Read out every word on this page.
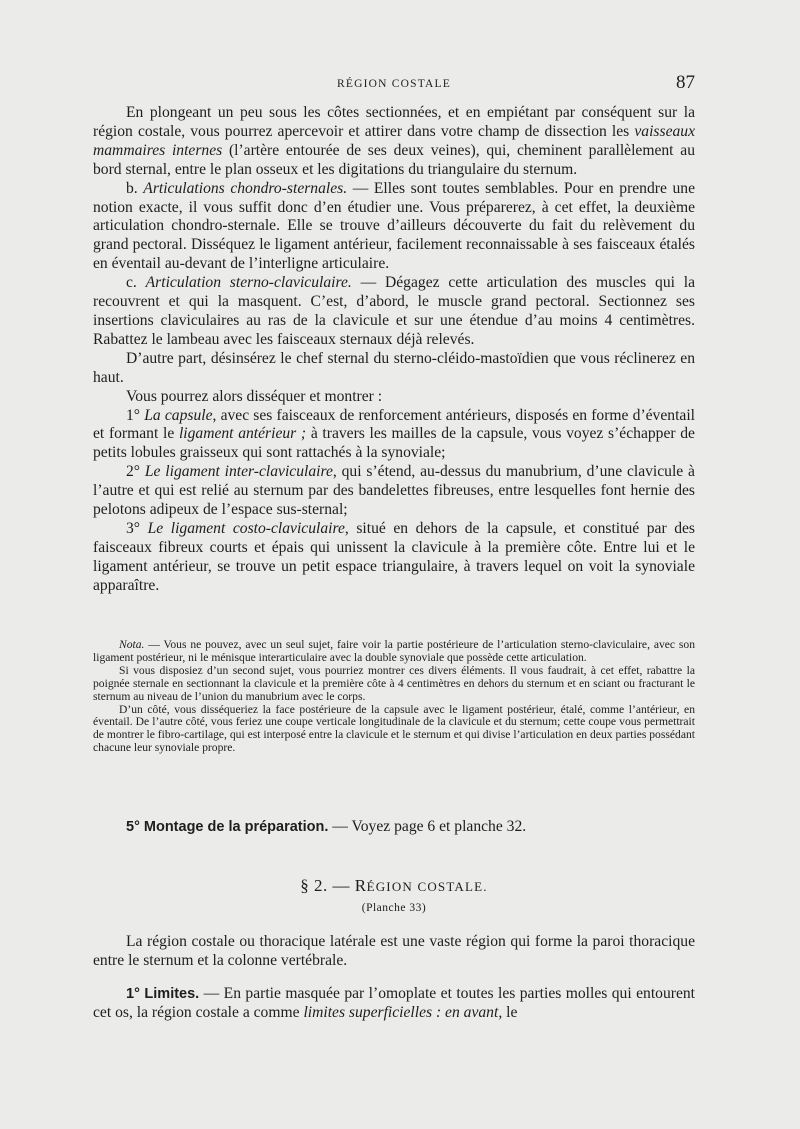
RÉGION COSTALE	87

En plongeant un peu sous les côtes sectionnées, et en empiétant par conséquent sur la région costale, vous pourrez apercevoir et attirer dans votre champ de dissection les vaisseaux mammaires internes (l’artère entourée de ses deux veines), qui, cheminent parallèlement au bord sternal, entre le plan osseux et les digitations du triangulaire du sternum.

b. Articulations chondro-sternales. — Elles sont toutes semblables. Pour en prendre une notion exacte, il vous suffit donc d’en étudier une. Vous préparerez, à cet effet, la deuxième articulation chondro-sternale. Elle se trouve d’ailleurs découverte du fait du relèvement du grand pectoral. Disséquez le ligament antérieur, facilement reconnaissable à ses faisceaux étalés en éventail au-devant de l’interligne articulaire.

c. Articulation sterno-claviculaire. — Dégagez cette articulation des muscles qui la recouvrent et qui la masquent. C’est, d’abord, le muscle grand pectoral. Sectionnez ses insertions claviculaires au ras de la clavicule et sur une étendue d’au moins 4 centimètres. Rabattez le lambeau avec les faisceaux sternaux déjà relevés.

D’autre part, désinsérez le chef sternal du sterno-cléido-mastoïdien que vous réclinerez en haut.

Vous pourrez alors disséquer et montrer :

1° La capsule, avec ses faisceaux de renforcement antérieurs, disposés en forme d’éventail et formant le ligament antérieur ; à travers les mailles de la capsule, vous voyez s’échapper de petits lobules graisseux qui sont rattachés à la synoviale;

2° Le ligament inter-claviculaire, qui s’étend, au-dessus du manubrium, d’une clavicule à l’autre et qui est relié au sternum par des bandelettes fibreuses, entre lesquelles font hernie des pelotons adipeux de l’espace sus-sternal;

3° Le ligament costo-claviculaire, situé en dehors de la capsule, et constitué par des faisceaux fibreux courts et épais qui unissent la clavicule à la première côte. Entre lui et le ligament antérieur, se trouve un petit espace triangulaire, à travers lequel on voit la synoviale apparaître.

Nota. — Vous ne pouvez, avec un seul sujet, faire voir la partie postérieure de l’articulation sterno-claviculaire, avec son ligament postérieur, ni le ménisque interarticulaire avec la double synoviale que possède cette articulation.

Si vous disposiez d’un second sujet, vous pourriez montrer ces divers éléments. Il vous faudrait, à cet effet, rabattre la poignée sternale en sectionnant la clavicule et la première côte à 4 centimètres en dehors du sternum et en sciant ou fracturant le sternum au niveau de l’union du manubrium avec le corps.

D’un côté, vous disséqueriez la face postérieure de la capsule avec le ligament postérieur, étalé, comme l’antérieur, en éventail. De l’autre côté, vous feriez une coupe verticale longitudinale de la clavicule et du sternum; cette coupe vous permettrait de montrer le fibro-cartilage, qui est interposé entre la clavicule et le sternum et qui divise l’articulation en deux parties possédant chacune leur synoviale propre.

5° Montage de la préparation. — Voyez page 6 et planche 32.

§ 2. — RÉGION COSTALE.
(Planche 33)

La région costale ou thoracique latérale est une vaste région qui forme la paroi thoracique entre le sternum et la colonne vertébrale.

1° Limites. — En partie masquée par l’omoplate et toutes les parties molles qui entourent cet os, la région costale a comme limites superficielles : en avant, le
